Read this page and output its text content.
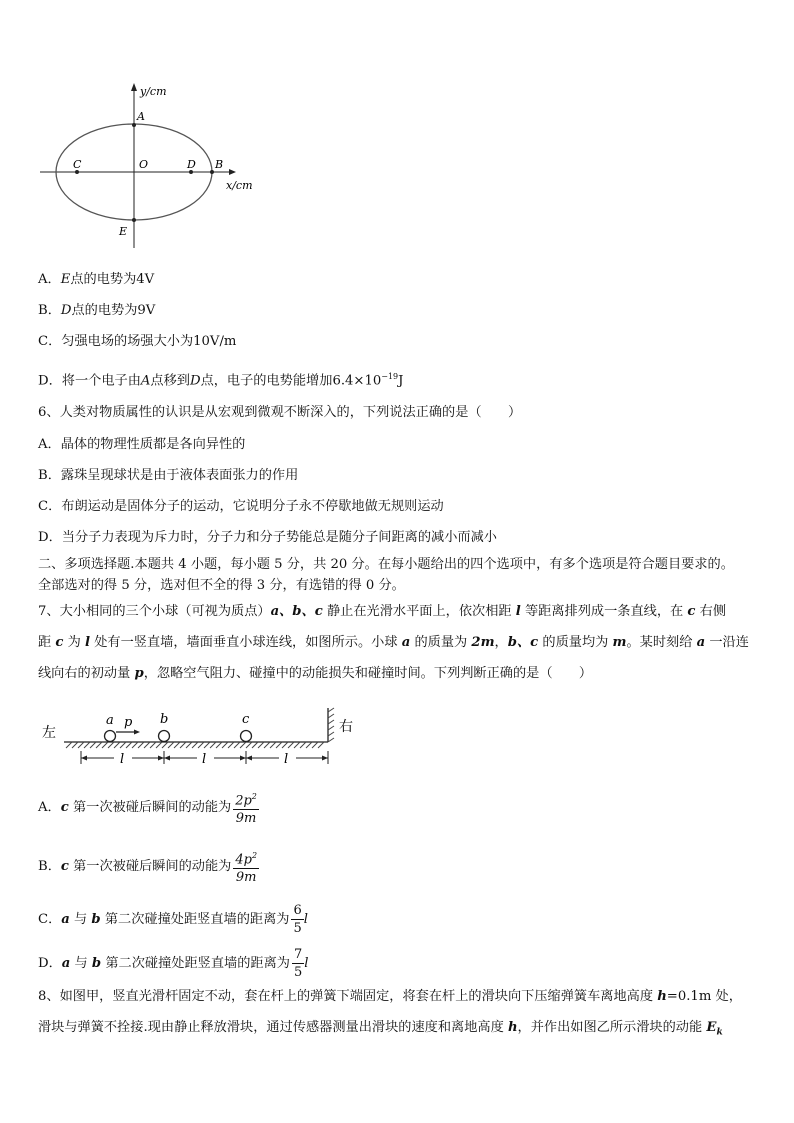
y/cm
x/cm
A
B
C	O	D
E
A．E点的电势为4V
B．D点的电势为9V
C．匀强电场的场强大小为10V/m
D．将一个电子由A点移到D点，电子的电势能增加$6.4\times 10^{-19}J$
6、人类对物质属性的认识是从宏观到微观不断深入的，下列说法正确的是（　　）
A．晶体的物理性质都是各向异性的
B．露珠呈现球状是由于液体表面张力的作用
C．布朗运动是固体分子的运动，它说明分子永不停歇地做无规则运动
D．当分子力表现为斥力时，分子力和分子势能总是随分子间距离的减小而减小
二、多项选择题.本题共 4 小题，每小题 5 分，共 20 分。在每小题给出的四个选项中，有多个选项是符合题目要求的。
全部选对的得 5 分，选对但不全的得 3 分，有选错的得 0 分。
7、大小相同的三个小球（可视为质点）a、b、c 静止在光滑水平面上，依次相距 l 等距离排列成一条直线，在 c 右侧
距 c 为 l 处有一竖直墙，墙面垂直小球连线，如图所示。小球 a 的质量为 2m，b、c 的质量均为 m。某时刻给 a 一沿连
线向右的初动量 p，忽略空气阻力、碰撞中的动能损失和碰撞时间。下列判断正确的是（　　）
左	右
a p b	c
l	l	l
A．c 第一次被碰后瞬间的动能为 $\frac{2p^2}{9m}$
B．c 第一次被碰后瞬间的动能为 $\frac{4p^2}{9m}$
C．a 与 b 第二次碰撞处距竖直墙的距离为 $\frac{6}{5}$ l
D．a 与 b 第二次碰撞处距竖直墙的距离为 $\frac{7}{5}$ l
8、如图甲，竖直光滑杆固定不动，套在杆上的弹簧下端固定，将套在杆上的滑块向下压缩弹簧车离地高度 h=0.1m 处，
滑块与弹簧不拴接.现由静止释放滑块，通过传感器测量出滑块的速度和离地高度 h，并作出如图乙所示滑块的动能 $E_k$
